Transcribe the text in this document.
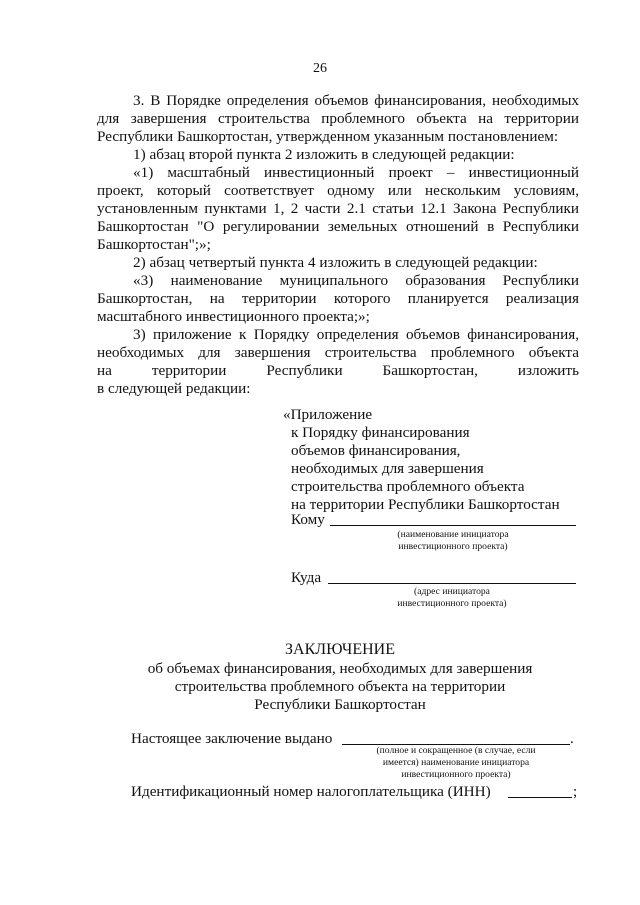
26
3. В Порядке определения объемов финансирования, необходимых
для завершения строительства проблемного объекта на территории
Республики Башкортостан, утвержденном указанным постановлением:
1) абзац второй пункта 2 изложить в следующей редакции:
«1) масштабный инвестиционный проект – инвестиционный
проект, который соответствует одному или нескольким условиям,
установленным пунктами 1, 2 части 2.1 статьи 12.1 Закона Республики
Башкортостан "О регулировании земельных отношений в Республики
Башкортостан";»;
2) абзац четвертый пункта 4 изложить в следующей редакции:
«3) наименование муниципального образования Республики
Башкортостан, на территории которого планируется реализация
масштабного инвестиционного проекта;»;
3) приложение к Порядку определения объемов финансирования,
необходимых для завершения строительства проблемного объекта
на территории Республики Башкортостан, изложить
в следующей редакции:
«Приложение
к Порядку финансирования
объемов финансирования,
необходимых для завершения
строительства проблемного объекта
на территории Республики Башкортостан
Кому
(наименование инициатора
инвестиционного проекта)
Куда
(адрес инициатора
инвестиционного проекта)
ЗАКЛЮЧЕНИЕ
об объемах финансирования, необходимых для завершения
строительства проблемного объекта на территории
Республики Башкортостан
Настоящее заключение выдано	.
(полное и сокращенное (в случае, если
имеется) наименование инициатора
инвестиционного проекта)
Идентификационный номер налогоплательщика (ИНН)	;
